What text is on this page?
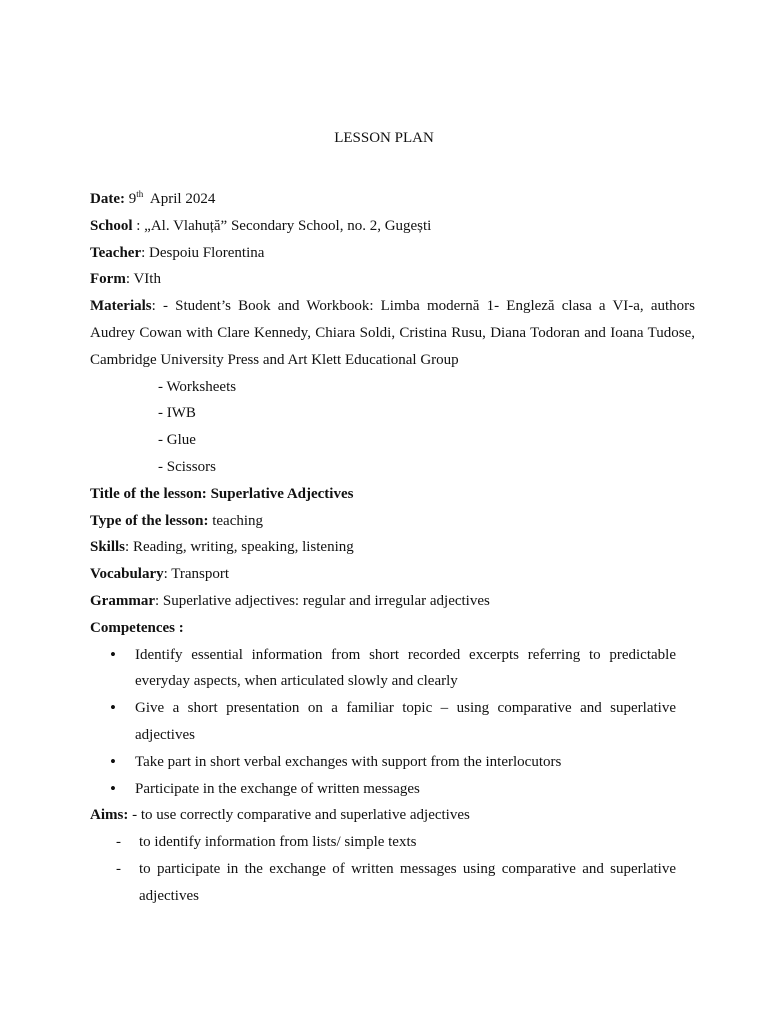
LESSON PLAN
Date: 9th  April 2024
School : „Al. Vlahuță” Secondary School, no. 2, Gugești
Teacher: Despoiu Florentina
Form: VIth
Materials: - Student’s Book and Workbook: Limba modernă 1- Engleză clasa a VI-a, authors Audrey Cowan with Clare Kennedy, Chiara Soldi, Cristina Rusu, Diana Todoran and Ioana Tudose, Cambridge University Press and Art Klett Educational Group
- Worksheets
- IWB
- Glue
- Scissors
Title of the lesson: Superlative Adjectives
Type of the lesson: teaching
Skills: Reading, writing, speaking, listening
Vocabulary: Transport
Grammar: Superlative adjectives: regular and irregular adjectives
Competences :
• Identify essential information from short recorded excerpts referring to predictable everyday aspects, when articulated slowly and clearly
• Give a short presentation on a familiar topic – using comparative and superlative adjectives
• Take part in short verbal exchanges with support from the interlocutors
• Participate in the exchange of written messages
Aims: - to use correctly comparative and superlative adjectives
- to identify information from lists/ simple texts
- to participate in the exchange of written messages using comparative and superlative adjectives
